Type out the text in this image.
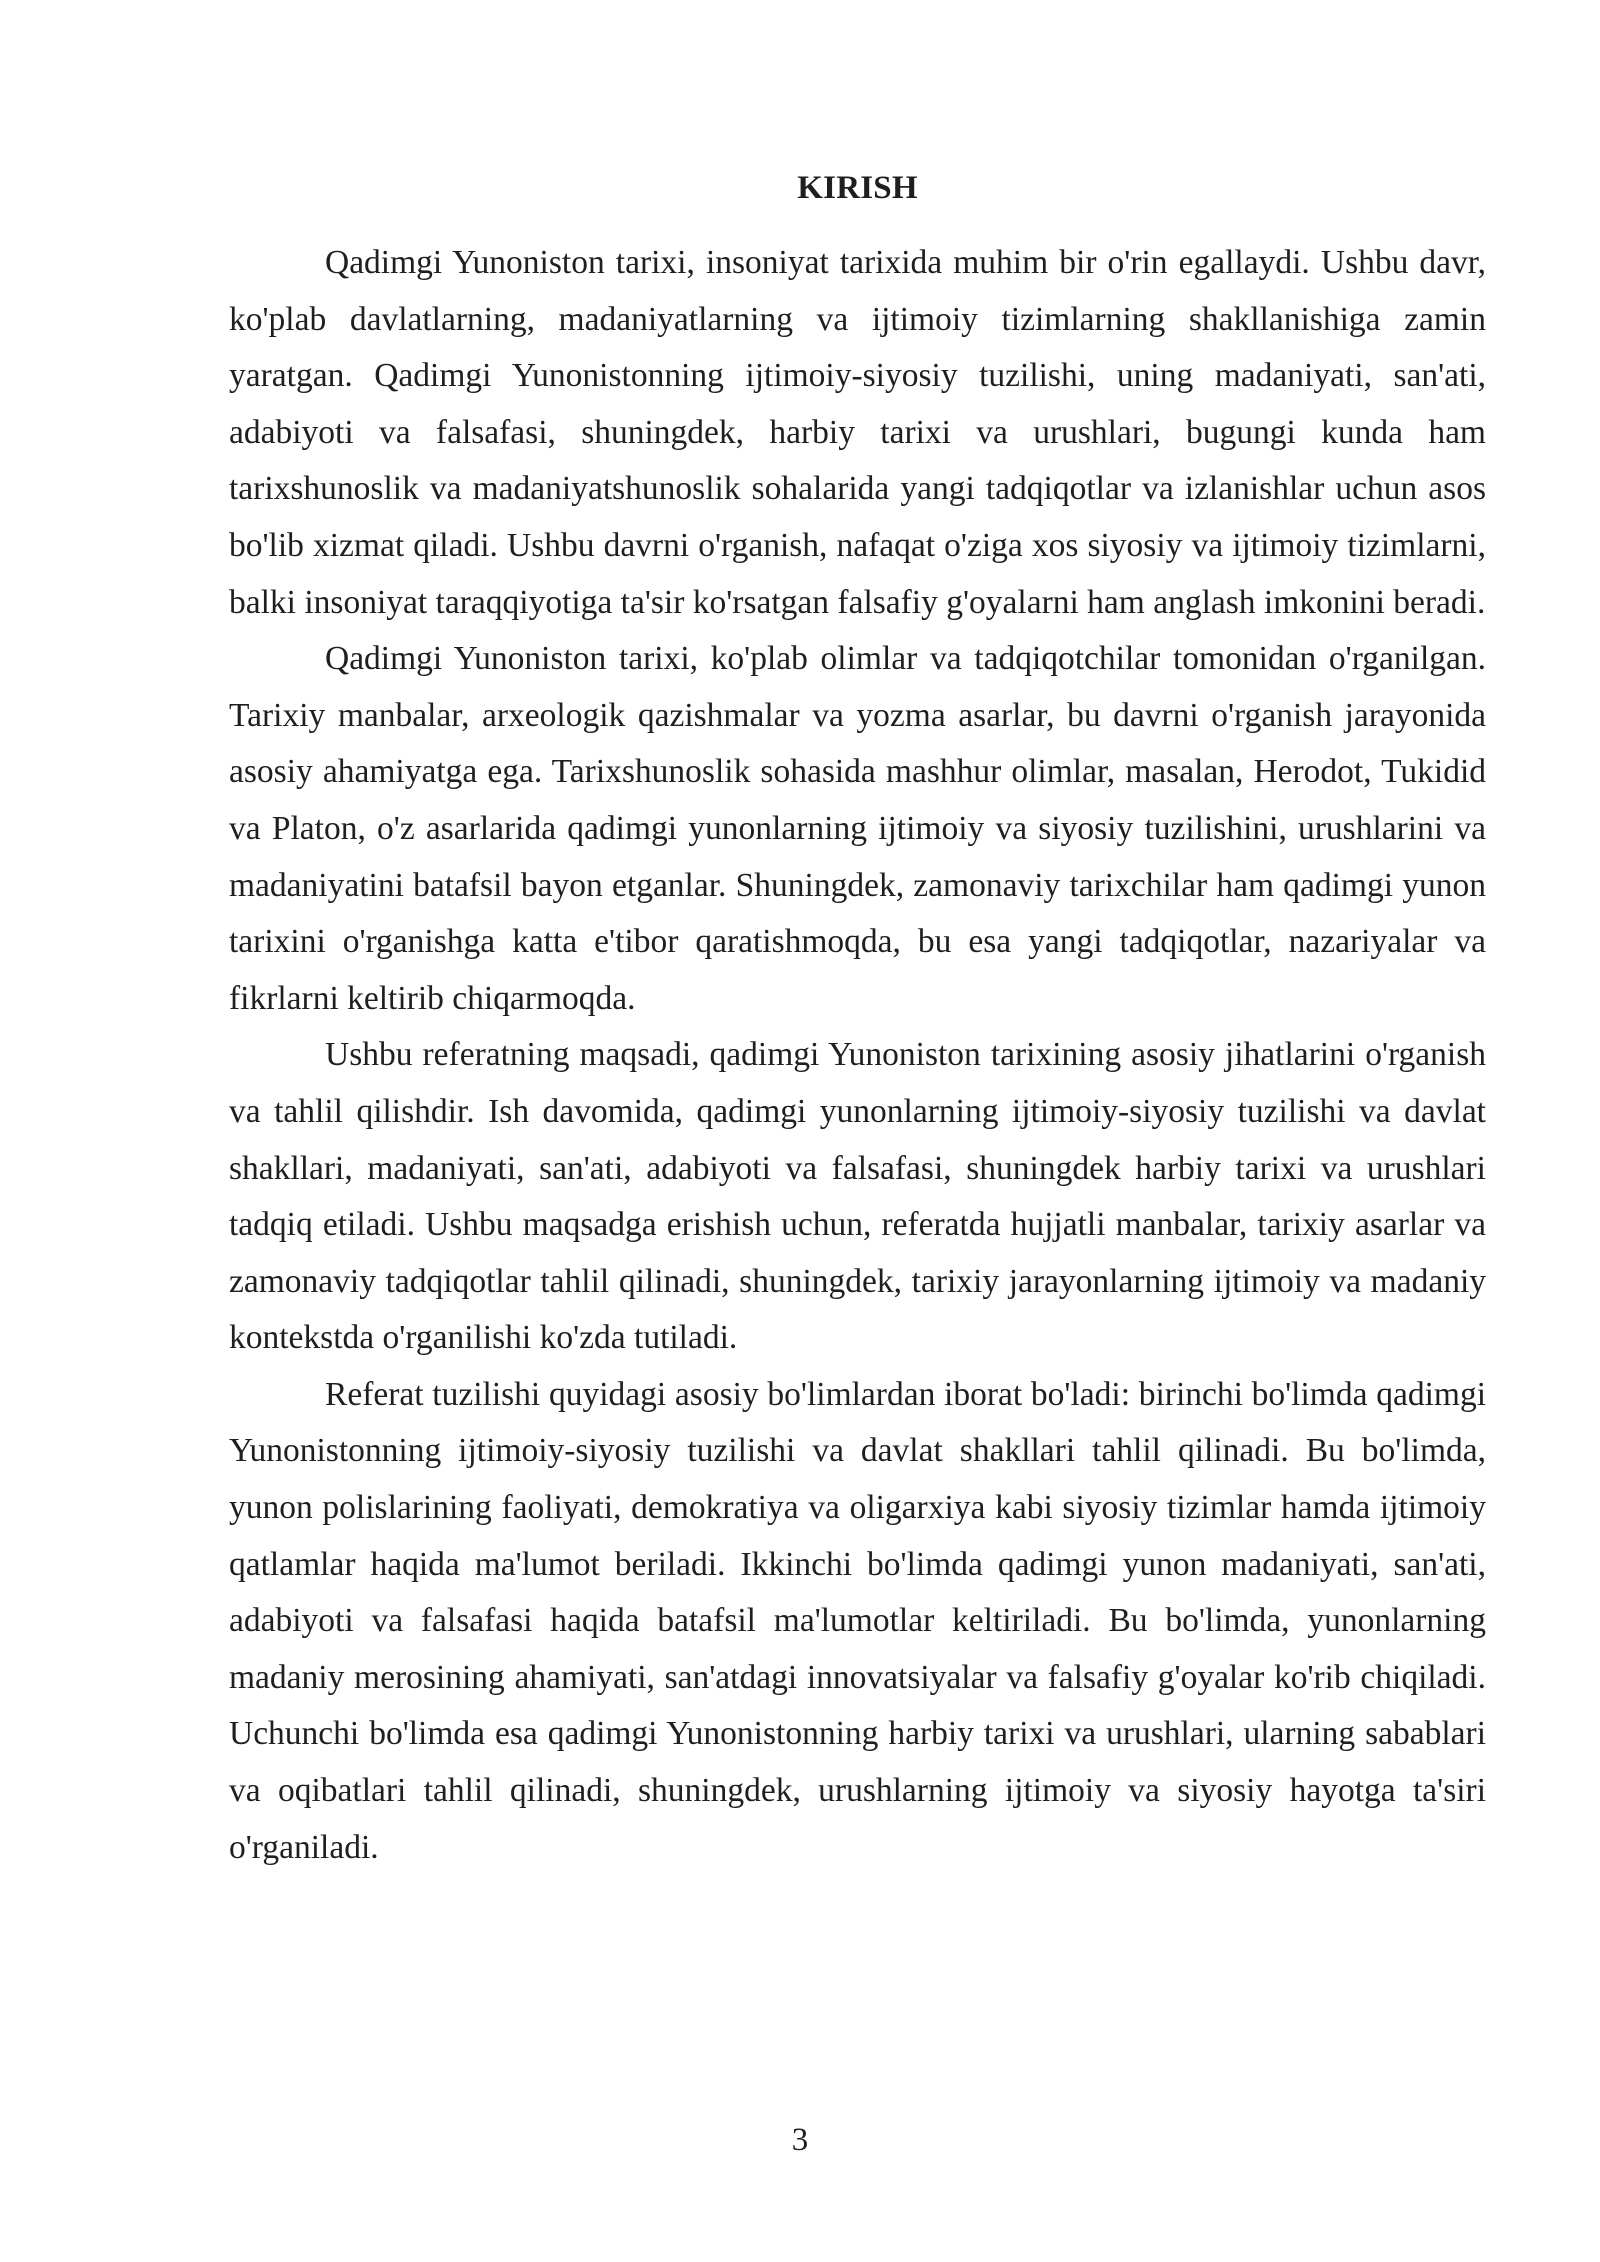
KIRISH

Qadimgi Yunoniston tarixi, insoniyat tarixida muhim bir o'rin egallaydi. Ushbu davr, ko'plab davlatlarning, madaniyatlarning va ijtimoiy tizimlarning shakllanishiga zamin yaratgan. Qadimgi Yunonistonning ijtimoiy-siyosiy tuzilishi, uning madaniyati, san'ati, adabiyoti va falsafasi, shuningdek, harbiy tarixi va urushlari, bugungi kunda ham tarixshunoslik va madaniyatshunoslik sohalarida yangi tadqiqotlar va izlanishlar uchun asos bo'lib xizmat qiladi. Ushbu davrni o'rganish, nafaqat o'ziga xos siyosiy va ijtimoiy tizimlarni, balki insoniyat taraqqiyotiga ta'sir ko'rsatgan falsafiy g'oyalarni ham anglash imkonini beradi.

Qadimgi Yunoniston tarixi, ko'plab olimlar va tadqiqotchilar tomonidan o'rganilgan. Tarixiy manbalar, arxeologik qazishmalar va yozma asarlar, bu davrni o'rganish jarayonida asosiy ahamiyatga ega. Tarixshunoslik sohasida mashhur olimlar, masalan, Herodot, Tukidid va Platon, o'z asarlarida qadimgi yunonlarning ijtimoiy va siyosiy tuzilishini, urushlarini va madaniyatini batafsil bayon etganlar. Shuningdek, zamonaviy tarixchilar ham qadimgi yunon tarixini o'rganishga katta e'tibor qaratishmoqda, bu esa yangi tadqiqotlar, nazariyalar va fikrlarni keltirib chiqarmoqda.

Ushbu referatning maqsadi, qadimgi Yunoniston tarixining asosiy jihatlarini o'rganish va tahlil qilishdir. Ish davomida, qadimgi yunonlarning ijtimoiy-siyosiy tuzilishi va davlat shakllari, madaniyati, san'ati, adabiyoti va falsafasi, shuningdek harbiy tarixi va urushlari tadqiq etiladi. Ushbu maqsadga erishish uchun, referatda hujjatli manbalar, tarixiy asarlar va zamonaviy tadqiqotlar tahlil qilinadi, shuningdek, tarixiy jarayonlarning ijtimoiy va madaniy kontekstda o'rganilishi ko'zda tutiladi.

Referat tuzilishi quyidagi asosiy bo'limlardan iborat bo'ladi: birinchi bo'limda qadimgi Yunonistonning ijtimoiy-siyosiy tuzilishi va davlat shakllari tahlil qilinadi. Bu bo'limda, yunon polislarining faoliyati, demokratiya va oligarxiya kabi siyosiy tizimlar hamda ijtimoiy qatlamlar haqida ma'lumot beriladi. Ikkinchi bo'limda qadimgi yunon madaniyati, san'ati, adabiyoti va falsafasi haqida batafsil ma'lumotlar keltiriladi. Bu bo'limda, yunonlarning madaniy merosining ahamiyati, san'atdagi innovatsiyalar va falsafiy g'oyalar ko'rib chiqiladi. Uchunchi bo'limda esa qadimgi Yunonistonning harbiy tarixi va urushlari, ularning sabablari va oqibatlari tahlil qilinadi, shuningdek, urushlarning ijtimoiy va siyosiy hayotga ta'siri o'rganiladi.

3
